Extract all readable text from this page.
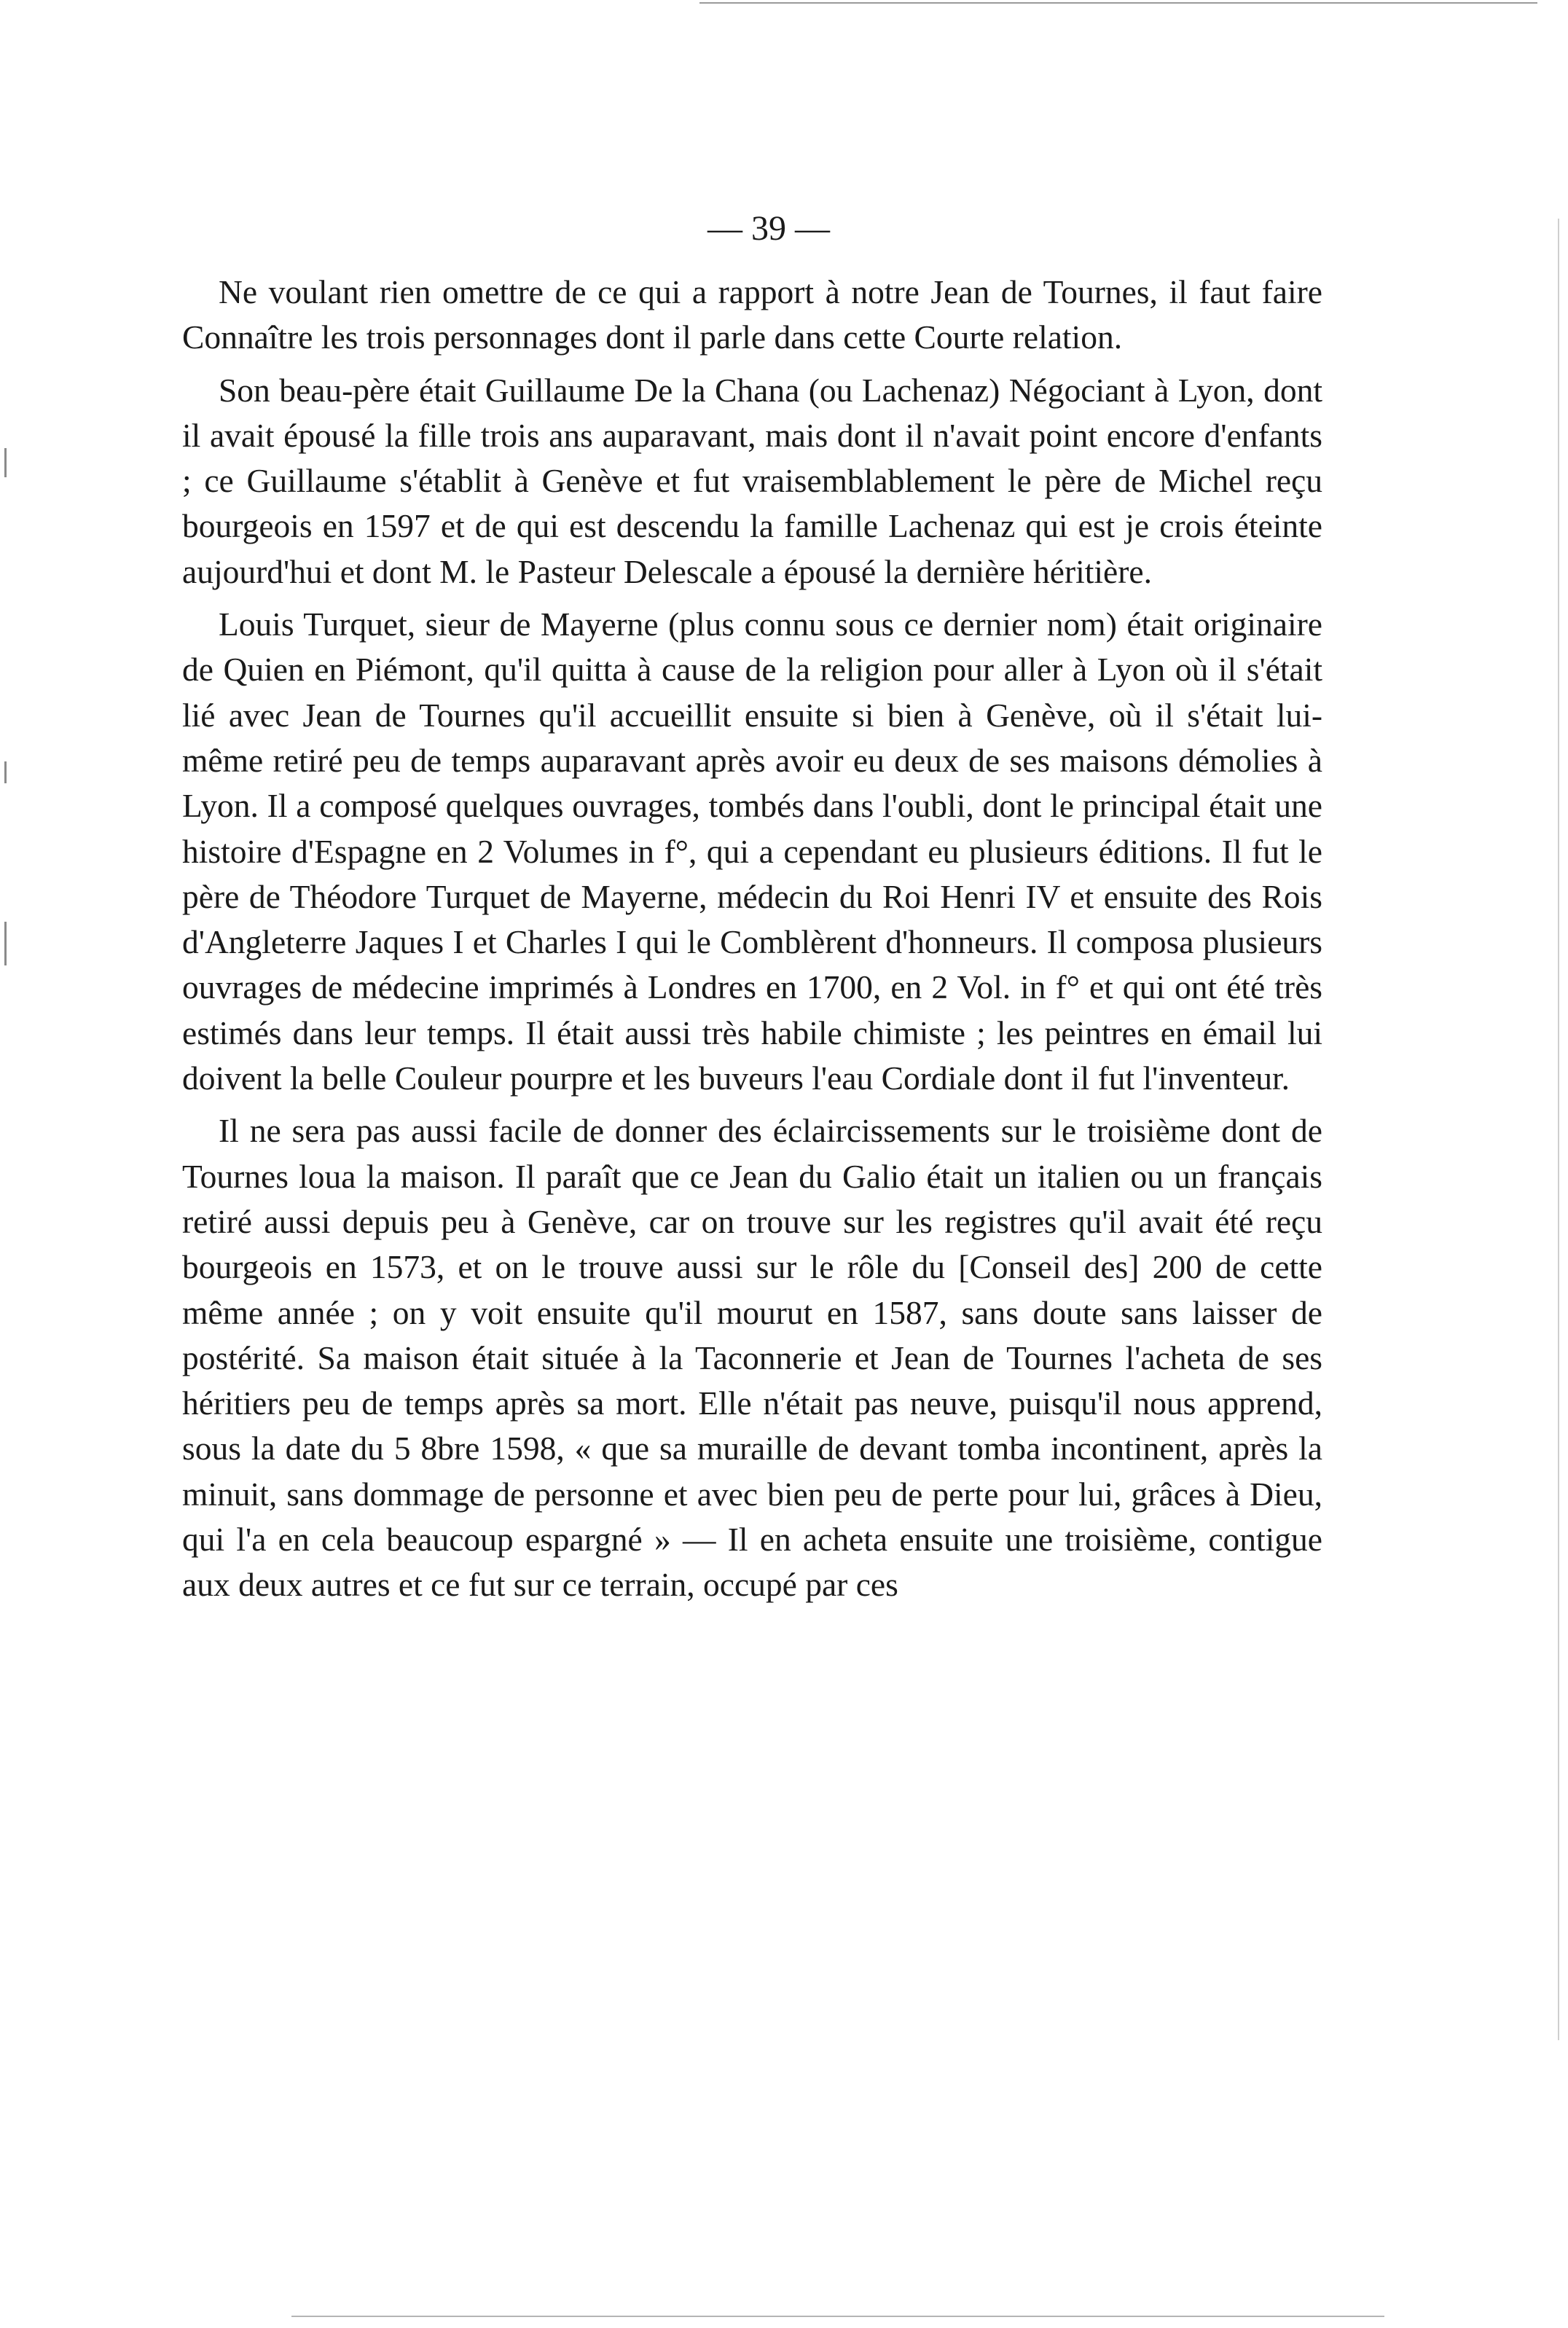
— 39 —

Ne voulant rien omettre de ce qui a rapport à notre Jean de Tournes, il faut faire Connaître les trois personnages dont il parle dans cette Courte relation.

Son beau-père était Guillaume De la Chana (ou Lachenaz) Négociant à Lyon, dont il avait épousé la fille trois ans auparavant, mais dont il n'avait point encore d'enfants ; ce Guillaume s'établit à Genève et fut vraisemblablement le père de Michel reçu bourgeois en 1597 et de qui est descendu la famille Lachenaz qui est je crois éteinte aujourd'hui et dont M. le Pasteur Delescale a épousé la dernière héritière.

Louis Turquet, sieur de Mayerne (plus connu sous ce dernier nom) était originaire de Quien en Piémont, qu'il quitta à cause de la religion pour aller à Lyon où il s'était lié avec Jean de Tournes qu'il accueillit ensuite si bien à Genève, où il s'était lui-même retiré peu de temps auparavant après avoir eu deux de ses maisons démolies à Lyon. Il a composé quelques ouvrages, tombés dans l'oubli, dont le principal était une histoire d'Espagne en 2 Volumes in f°, qui a cependant eu plusieurs éditions. Il fut le père de Théodore Turquet de Mayerne, médecin du Roi Henri IV et ensuite des Rois d'Angleterre Jaques I et Charles I qui le Comblèrent d'honneurs. Il composa plusieurs ouvrages de médecine imprimés à Londres en 1700, en 2 Vol. in f° et qui ont été très estimés dans leur temps. Il était aussi très habile chimiste ; les peintres en émail lui doivent la belle Couleur pourpre et les buveurs l'eau Cordiale dont il fut l'inventeur.

Il ne sera pas aussi facile de donner des éclaircissements sur le troisième dont de Tournes loua la maison. Il paraît que ce Jean du Galio était un italien ou un français retiré aussi depuis peu à Genève, car on trouve sur les registres qu'il avait été reçu bourgeois en 1573, et on le trouve aussi sur le rôle du [Conseil des] 200 de cette même année ; on y voit ensuite qu'il mourut en 1587, sans doute sans laisser de postérité. Sa maison était située à la Taconnerie et Jean de Tournes l'acheta de ses héritiers peu de temps après sa mort. Elle n'était pas neuve, puisqu'il nous apprend, sous la date du 5 8bre 1598, « que sa muraille de devant tomba incontinent, après la minuit, sans dommage de personne et avec bien peu de perte pour lui, grâces à Dieu, qui l'a en cela beaucoup espargné » — Il en acheta ensuite une troisième, contigue aux deux autres et ce fut sur ce terrain, occupé par ces
